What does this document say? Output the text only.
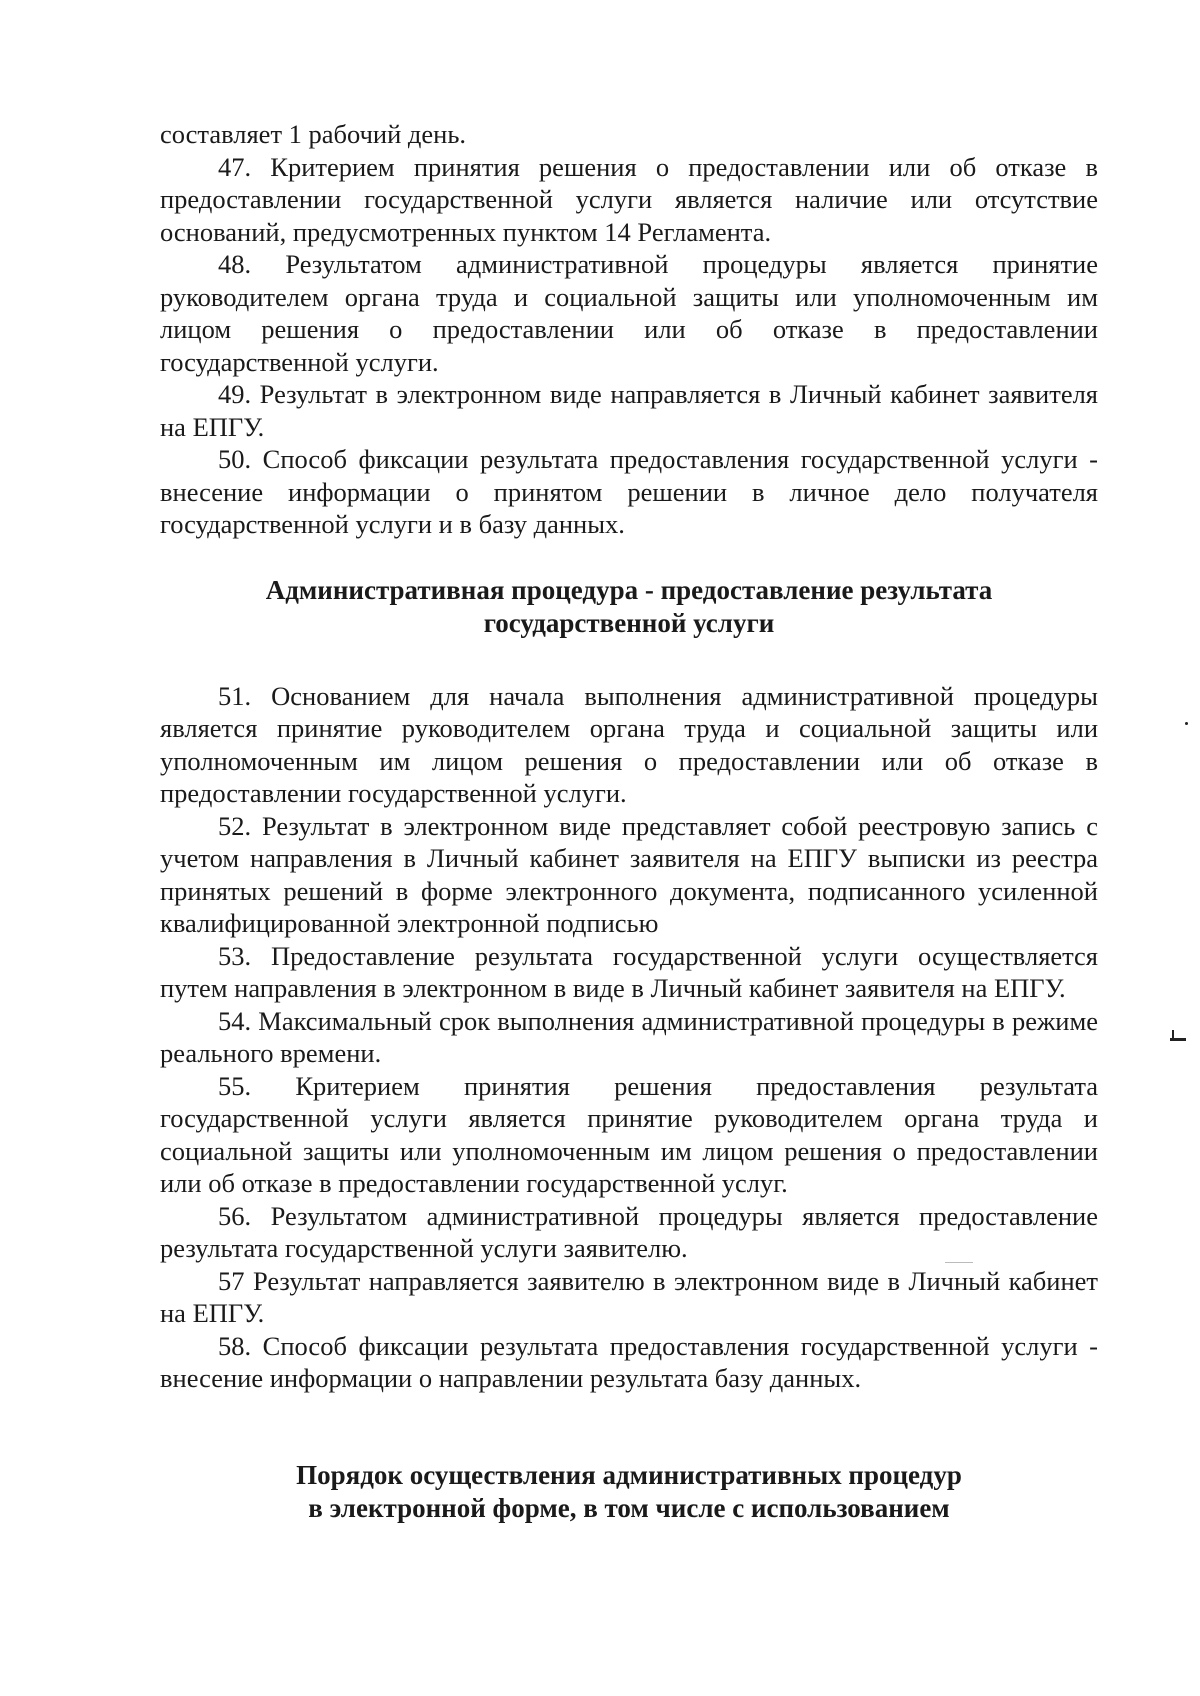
составляет 1 рабочий день.

47. Критерием принятия решения о предоставлении или об отказе в предоставлении государственной услуги является наличие или отсутствие оснований, предусмотренных пунктом 14 Регламента.

48. Результатом административной процедуры является принятие руководителем органа труда и социальной защиты или уполномоченным им лицом решения о предоставлении или об отказе в предоставлении государственной услуги.

49. Результат в электронном виде направляется в Личный кабинет заявителя на ЕПГУ.

50. Способ фиксации результата предоставления государственной услуги - внесение информации о принятом решении в личное дело получателя государственной услуги и в базу данных.

Административная процедура - предоставление результата
государственной услуги

51. Основанием для начала выполнения административной процедуры является принятие руководителем органа труда и социальной защиты или уполномоченным им лицом решения о предоставлении или об отказе в предоставлении государственной услуги.

52. Результат в электронном виде представляет собой реестровую запись с учетом направления в Личный кабинет заявителя на ЕПГУ выписки из реестра принятых решений в форме электронного документа, подписанного усиленной квалифицированной электронной подписью

53. Предоставление результата государственной услуги осуществляется путем направления в электронном в виде в Личный кабинет заявителя на ЕПГУ.

54. Максимальный срок выполнения административной процедуры в режиме реального времени.

55. Критерием принятия решения предоставления результата государственной услуги является принятие руководителем органа труда и социальной защиты или уполномоченным им лицом решения о предоставлении или об отказе в предоставлении государственной услуг.

56. Результатом административной процедуры является предоставление результата государственной услуги заявителю.

57 Результат направляется заявителю в электронном виде в Личный кабинет на ЕПГУ.

58. Способ фиксации результата предоставления государственной услуги - внесение информации о направлении результата базу данных.

Порядок осуществления административных процедур
в электронной форме, в том числе с использованием
